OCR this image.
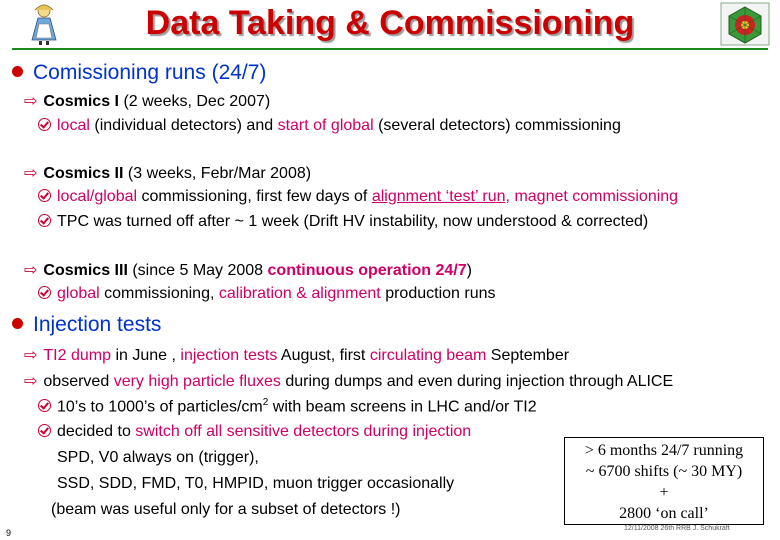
Data Taking & Commissioning
Comissioning runs (24/7)
⇨ Cosmics I (2 weeks, Dec 2007)
local (individual detectors) and start of global (several detectors) commissioning
⇨ Cosmics II (3 weeks, Febr/Mar 2008)
local/global commissioning, first few days of alignment ‘test’ run, magnet commissioning
TPC was turned off after ~ 1 week (Drift HV instability, now understood & corrected)
⇨ Cosmics III (since 5 May 2008 continuous operation 24/7)
global commissioning, calibration & alignment production runs
Injection tests
⇨ TI2 dump in June , injection tests August, first circulating beam September
⇨ observed very high particle fluxes during dumps and even during injection through ALICE
10’s to 1000’s of particles/$cm^2$ with beam screens in LHC and/or TI2
decided to switch off all sensitive detectors during injection
SPD, V0 always on (trigger),
SSD, SDD, FMD, T0, HMPID, muon trigger occasionally
(beam was useful only for a subset of detectors !)
> 6 months 24/7 running
~ 6700 shifts (~ 30 MY)
+
2800 ‘on call’
9	12/11/2008 26th RRB J. Schukraft
